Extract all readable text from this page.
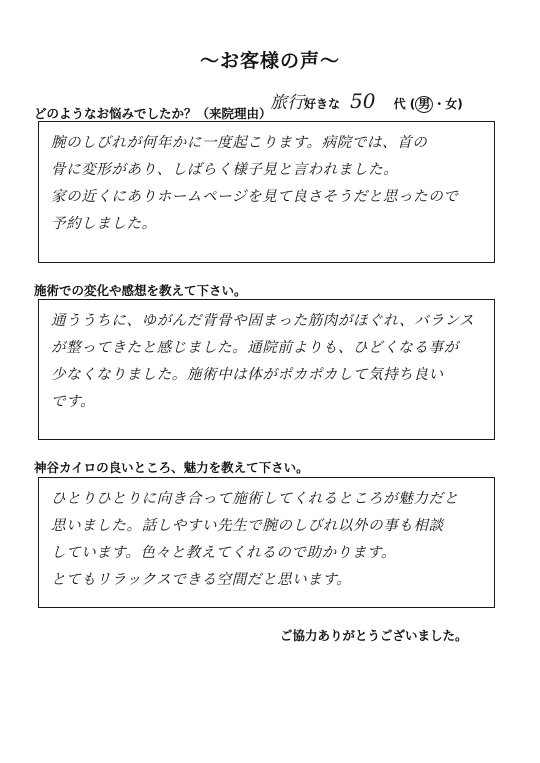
～お客様の声～
旅行好きな 50 代 ( 男 ・女)
どのようなお悩みでしたか？（来院理由）
腕のしびれが何年かに一度起こります。病院では、首の
骨に変形があり、しばらく様子見と言われました。
家の近くにありホームページを見て良さそうだと思ったので
予約しました。
施術での変化や感想を教えて下さい。
通ううちに、ゆがんだ背骨や固まった筋肉がほぐれ、バランス
が整ってきたと感じました。通院前よりも、ひどくなる事が
少なくなりました。施術中は体がポカポカして気持ち良い
です。
神谷カイロの良いところ、魅力を教えて下さい。
ひとりひとりに向き合って施術してくれるところが魅力だと
思いました。話しやすい先生で腕のしびれ以外の事も相談
しています。色々と教えてくれるので助かります。
とてもリラックスできる空間だと思います。
ご協力ありがとうございました。
